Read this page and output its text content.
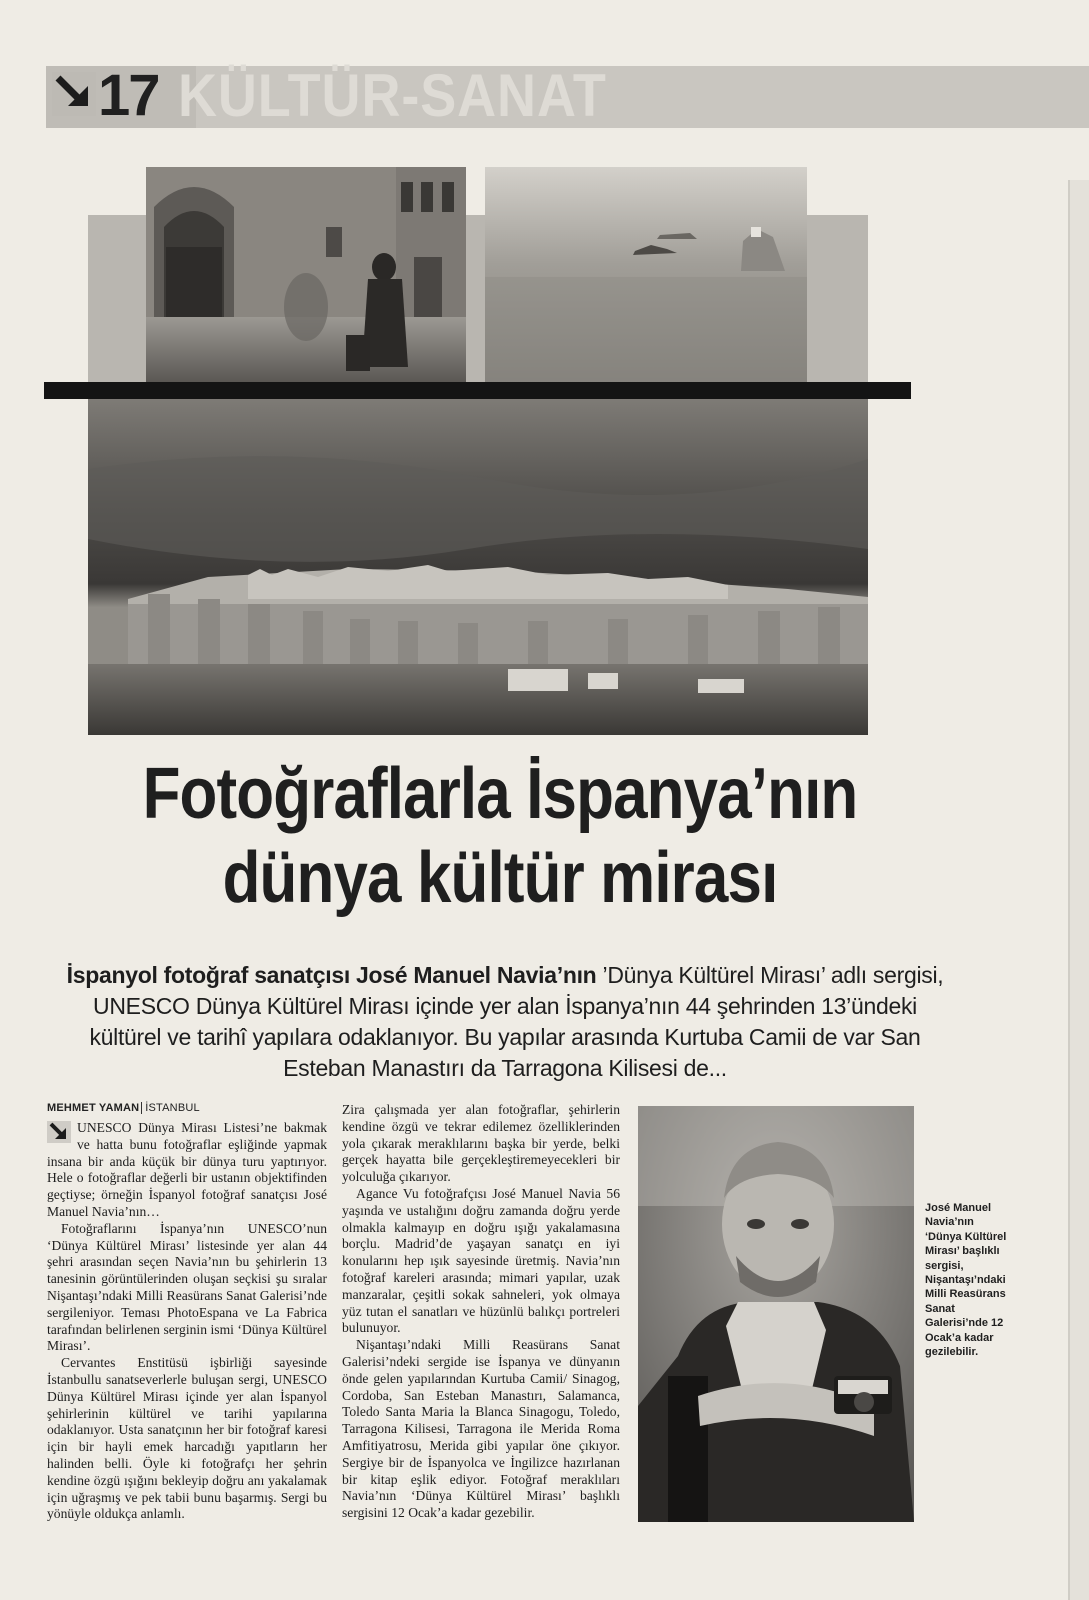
17 KÜLTÜR-SANAT
Fotoğraflarla İspanya’nın
dünya kültür mirası
İspanyol fotoğraf sanatçısı José Manuel Navia’nın ’Dünya Kültürel Mirası’ adlı sergisi, UNESCO Dünya Kültürel Mirası içinde yer alan İspanya’nın 44 şehrinden 13’ündeki kültürel ve tarihî yapılara odaklanıyor. Bu yapılar arasında Kurtuba Camii de var San Esteban Manastırı da Tarragona Kilisesi de...
MEHMET YAMAN İSTANBUL

UNESCO Dünya Mirası Listesi’ne bakmak ve hatta bunu fotoğraflar eşliğinde yapmak insana bir anda küçük bir dünya turu yaptırıyor. Hele o fotoğraflar değerli bir ustanın objektifinden geçtiyse; örneğin İspanyol fotoğraf sanatçısı José Manuel Navia’nın…

Fotoğraflarını İspanya’nın UNESCO’nun ‘Dünya Kültürel Mirası’ listesinde yer alan 44 şehri arasından seçen Navia’nın bu şehirlerin 13 tanesinin görüntülerinden oluşan seçkisi şu sıralar Nişantaşı’ndaki Milli Reasürans Sanat Galerisi’nde sergileniyor. Teması PhotoEspana ve La Fabrica tarafından belirlenen serginin ismi ‘Dünya Kültürel Mirası’.

Cervantes Enstitüsü işbirliği sayesinde İstanbullu sanatseverlerle buluşan sergi, UNESCO Dünya Kültürel Mirası içinde yer alan İspanyol şehirlerinin kültürel ve tarihi yapılarına odaklanıyor. Usta sanatçının her bir fotoğraf karesi için bir hayli emek harcadığı yapıtların her halinden belli. Öyle ki fotoğrafçı her şehrin kendine özgü ışığını bekleyip doğru anı yakalamak için uğraşmış ve pek tabii bunu başarmış. Sergi bu yönüyle oldukça anlamlı.

Zira çalışmada yer alan fotoğraflar, şehirlerin kendine özgü ve tekrar edilemez özelliklerinden yola çıkarak meraklılarını başka bir yerde, belki gerçek hayatta bile gerçekleştiremeyecekleri bir yolculuğa çıkarıyor.

Agance Vu fotoğrafçısı José Manuel Navia 56 yaşında ve ustalığını doğru zamanda doğru yerde olmakla kalmayıp en doğru ışığı yakalamasına borçlu. Madrid’de yaşayan sanatçı en iyi konularını hep ışık sayesinde üretmiş. Navia’nın fotoğraf kareleri arasında; mimari yapılar, uzak manzaralar, çeşitli sokak sahneleri, yok olmaya yüz tutan el sanatları ve hüzünlü balıkçı portreleri bulunuyor.

Nişantaşı’ndaki Milli Reasürans Sanat Galerisi’ndeki sergide ise İspanya ve dünyanın önde gelen yapılarından Kurtuba Camii/ Sinagog, Cordoba, San Esteban Manastırı, Salamanca, Toledo Santa Maria la Blanca Sinagogu, Toledo, Tarragona Kilisesi, Tarragona ile Merida Roma Amfitiyatrosu, Merida gibi yapılar öne çıkıyor. Sergiye bir de İspanyolca ve İngilizce hazırlanan bir kitap eşlik ediyor. Fotoğraf meraklıları Navia’nın ‘Dünya Kültürel Mirası’ başlıklı sergisini 12 Ocak’a kadar gezebilir.

José Manuel Navia’nın ‘Dünya Kültürel Mirası’ başlıklı sergisi, Nişantaşı’ndaki Milli Reasürans Sanat Galerisi’nde 12 Ocak’a kadar gezilebilir.
